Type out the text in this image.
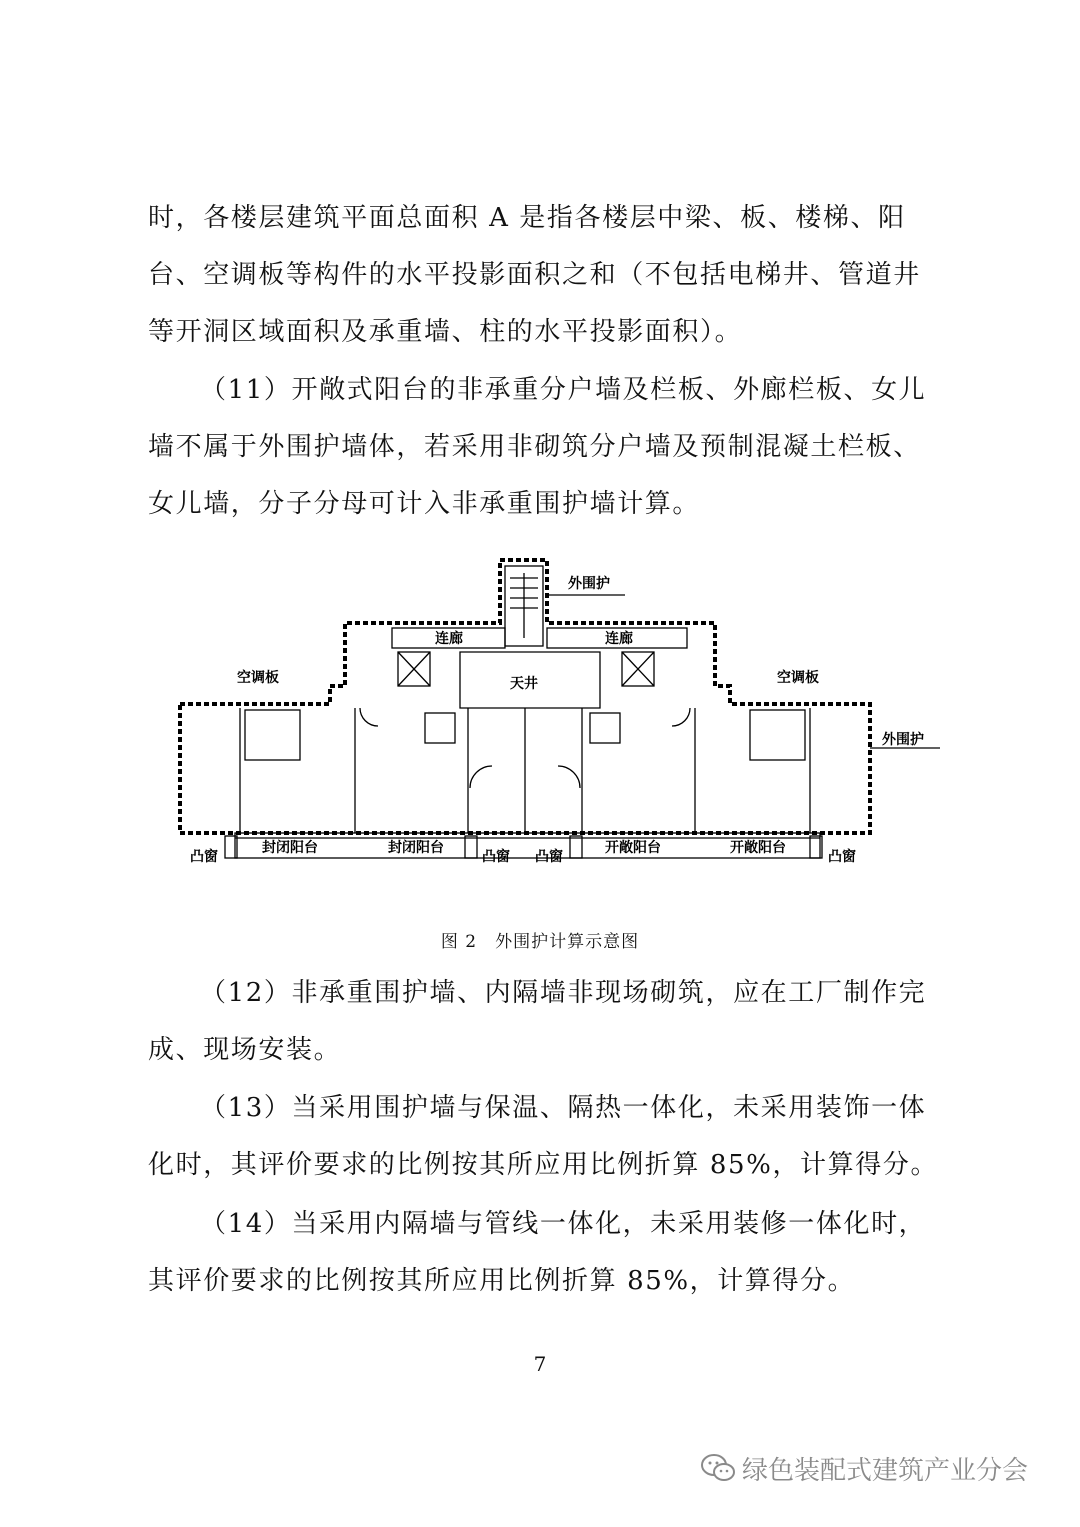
时，各楼层建筑平面总面积 A 是指各楼层中梁、板、楼梯、阳台、空调板等构件的水平投影面积之和（不包括电梯井、管道井等开洞区域面积及承重墙、柱的水平投影面积）。

（11）开敞式阳台的非承重分户墙及栏板、外廊栏板、女儿墙不属于外围护墙体，若采用非砌筑分户墙及预制混凝土栏板、女儿墙，分子分母可计入非承重围护墙计算。

外围护
外围护
连廊	连廊
天井
空调板	空调板
封闭阳台	封闭阳台	开敞阳台	开敞阳台
凸窗	凸窗 凸窗	凸窗
图 2　外围护计算示意图

（12）非承重围护墙、内隔墙非现场砌筑，应在工厂制作完成、现场安装。

（13）当采用围护墙与保温、隔热一体化，未采用装饰一体化时，其评价要求的比例按其所应用比例折算 85%，计算得分。

（14）当采用内隔墙与管线一体化，未采用装修一体化时，其评价要求的比例按其所应用比例折算 85%，计算得分。

7
绿色装配式建筑产业分会
